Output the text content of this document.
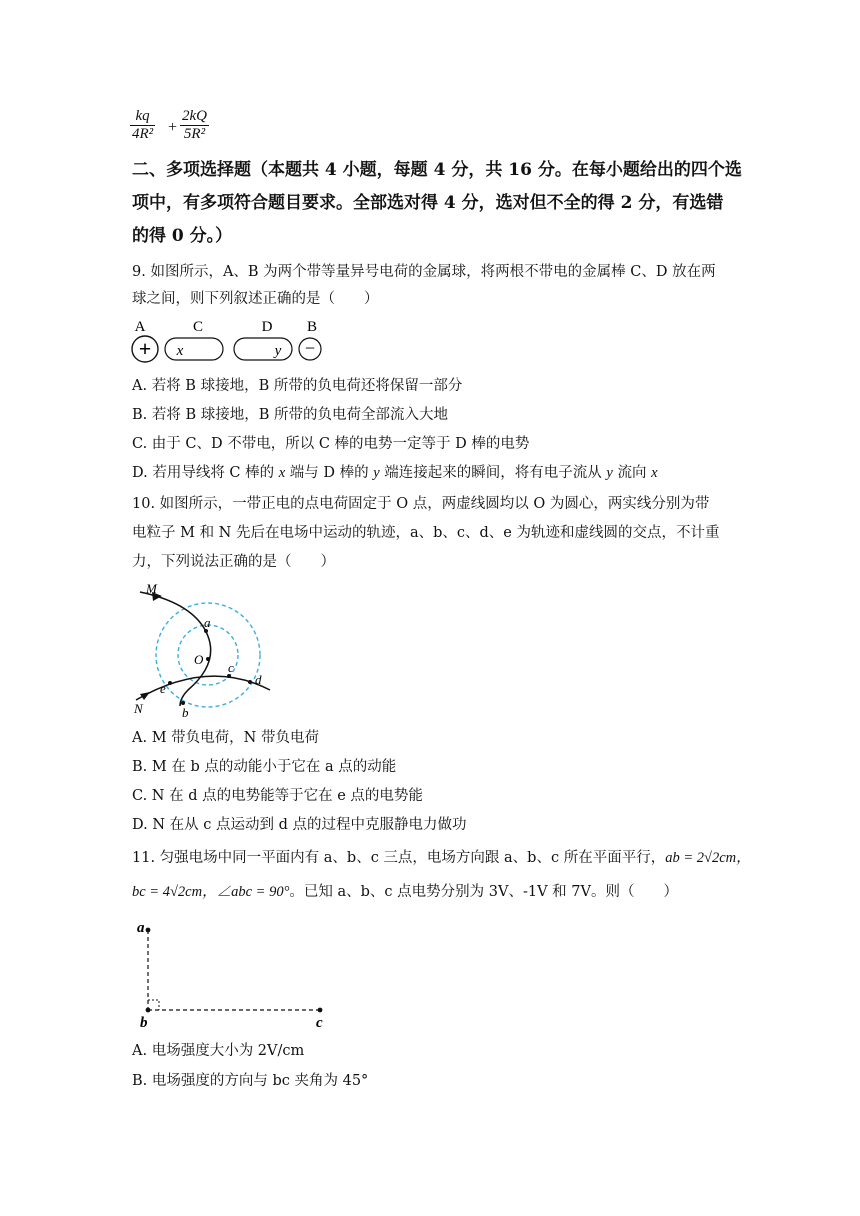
$\frac{kq}{\text{4R²}} + \frac{2kQ}{\text{5R²}}$
二、多项选择题（本题共 4 小题，每题 4 分，共 16 分。在每小题给出的四个选
项中，有多项符合题目要求。全部选对得 4 分，选对但不全的得 2 分，有选错
的得 0 分。）
9. 如图所示，A、B 为两个带等量异号电荷的金属球，将两根不带电的金属棒 C、D 放在两
球之间，则下列叙述正确的是（　　）
A
+
C
x
D
y
B
−
A. 若将 B 球接地，B 所带的负电荷还将保留一部分
B. 若将 B 球接地，B 所带的负电荷全部流入大地
C. 由于 C、D 不带电，所以 C 棒的电势一定等于 D 棒的电势
D. 若用导线将 C 棒的 x 端与 D 棒的 y 端连接起来的瞬间，将有电子流从 y 流向 x
10. 如图所示，一带正电的点电荷固定于 O 点，两虚线圆均以 O 为圆心，两实线分别为带
电粒子 M 和 N 先后在电场中运动的轨迹，a、b、c、d、e 为轨迹和虚线圆的交点，不计重
力，下列说法正确的是（　　）
M
N
O
a
c
d
e
b
A. M 带负电荷，N 带负电荷
B. M 在 b 点的动能小于它在 a 点的动能
C. N 在 d 点的电势能等于它在 e 点的电势能
D. N 在从 c 点运动到 d 点的过程中克服静电力做功
11. 匀强电场中同一平面内有 a、b、c 三点，电场方向跟 a、b、c 所在平面平行，ab = 2√2cm，
bc = 4√2cm，∠abc = 90°。已知 a、b、c 点电势分别为 3V、-1V 和 7V。则（　　）
a
b	c
A. 电场强度大小为 2V/cm
B. 电场强度的方向与 bc 夹角为 45°
